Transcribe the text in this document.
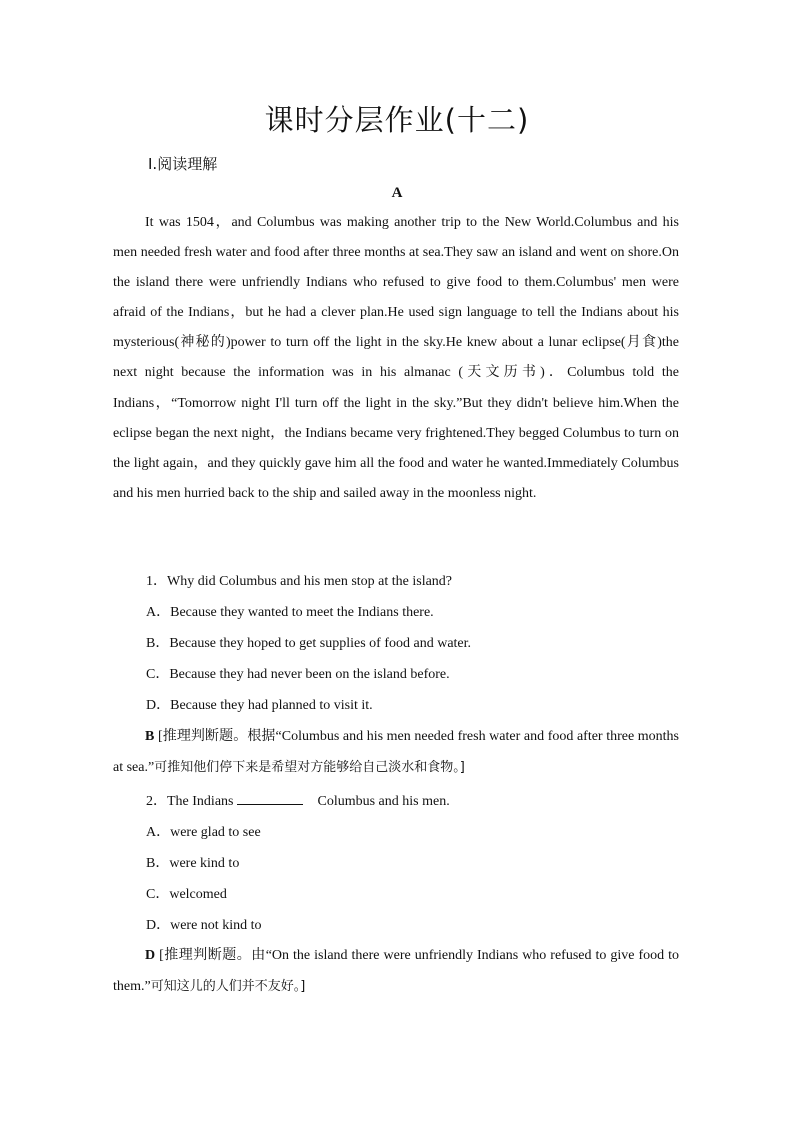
课时分层作业(十二)
Ⅰ.阅读理解
A
It was 1504，and Columbus was making another trip to the New World.Columbus and his men needed fresh water and food after three months at sea.They saw an island and went on shore.On the island there were unfriendly Indians who refused to give food to them.Columbus' men were afraid of the Indians，but he had a clever plan.He used sign language to tell the Indians about his mysterious(神秘的)power to turn off the light in the sky.He knew about a lunar eclipse(月食)the next night because the information was in his almanac (天文历书)．Columbus told the Indians，“Tomorrow night I'll turn off the light in the sky.”But they didn't believe him.When the eclipse began the next night，the Indians became very frightened.They begged Columbus to turn on the light again，and they quickly gave him all the food and water he wanted.Immediately Columbus and his men hurried back to the ship and sailed away in the moonless night.
1．Why did Columbus and his men stop at the island?
A．Because they wanted to meet the Indians there.
B．Because they hoped to get supplies of food and water.
C．Because they had never been on the island before.
D．Because they had planned to visit it.
B [推理判断题。根据“Columbus and his men needed fresh water and food after three months at sea.”可推知他们停下来是希望对方能够给自己淡水和食物。]
2．The Indians	Columbus and his men.
A．were glad to see
B．were kind to
C．welcomed
D．were not kind to
D [推理判断题。由“On the island there were unfriendly Indians who refused to give food to them.”可知这儿的人们并不友好。]
